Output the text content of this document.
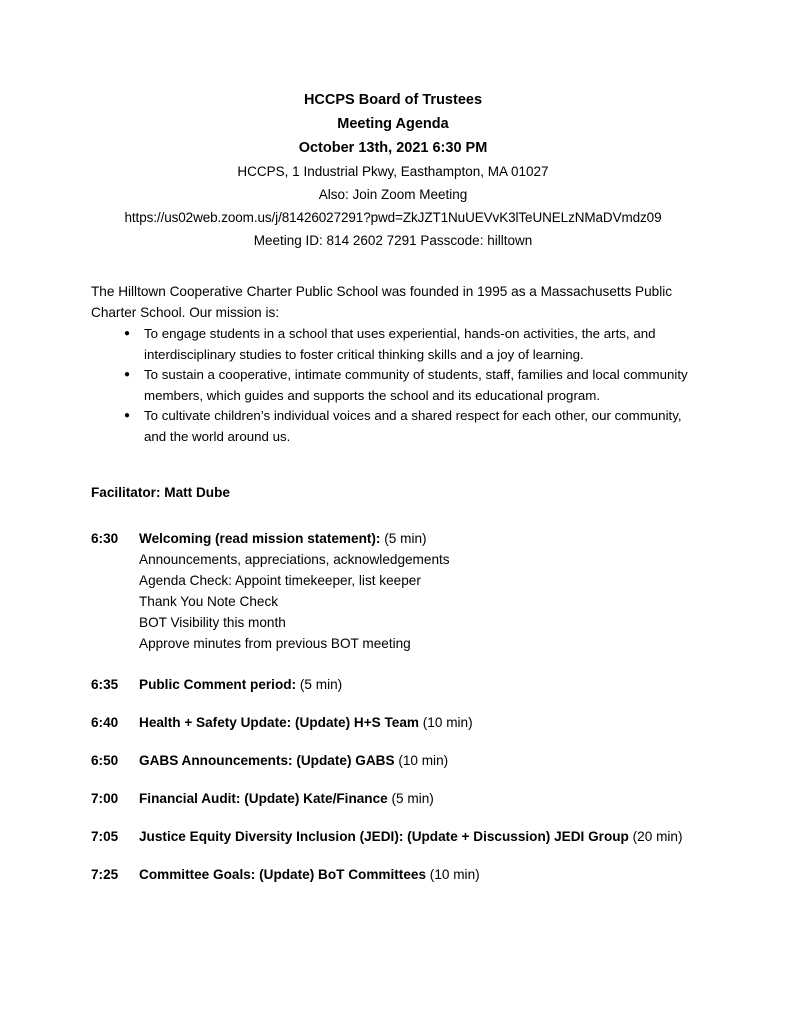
HCCPS Board of Trustees
Meeting Agenda
October 13th, 2021 6:30 PM
HCCPS, 1 Industrial Pkwy, Easthampton, MA 01027
Also: Join Zoom Meeting
https://us02web.zoom.us/j/81426027291?pwd=ZkJZT1NuUEVvK3lTeUNELzNMaDVmdz09
Meeting ID: 814 2602 7291 Passcode: hilltown
The Hilltown Cooperative Charter Public School was founded in 1995 as a Massachusetts Public Charter School. Our mission is:
● To engage students in a school that uses experiential, hands-on activities, the arts, and interdisciplinary studies to foster critical thinking skills and a joy of learning.
● To sustain a cooperative, intimate community of students, staff, families and local community members, which guides and supports the school and its educational program.
● To cultivate children’s individual voices and a shared respect for each other, our community, and the world around us.
Facilitator: Matt Dube
6:30	Welcoming (read mission statement): (5 min)
Announcements, appreciations, acknowledgements
Agenda Check: Appoint timekeeper, list keeper
Thank You Note Check
BOT Visibility this month
Approve minutes from previous BOT meeting
6:35	Public Comment period: (5 min)
6:40	Health + Safety Update: (Update) H+S Team (10 min)
6:50	GABS Announcements: (Update) GABS (10 min)
7:00	Financial Audit: (Update) Kate/Finance (5 min)
7:05	Justice Equity Diversity Inclusion (JEDI): (Update + Discussion) JEDI Group (20 min)
7:25	Committee Goals: (Update) BoT Committees (10 min)
